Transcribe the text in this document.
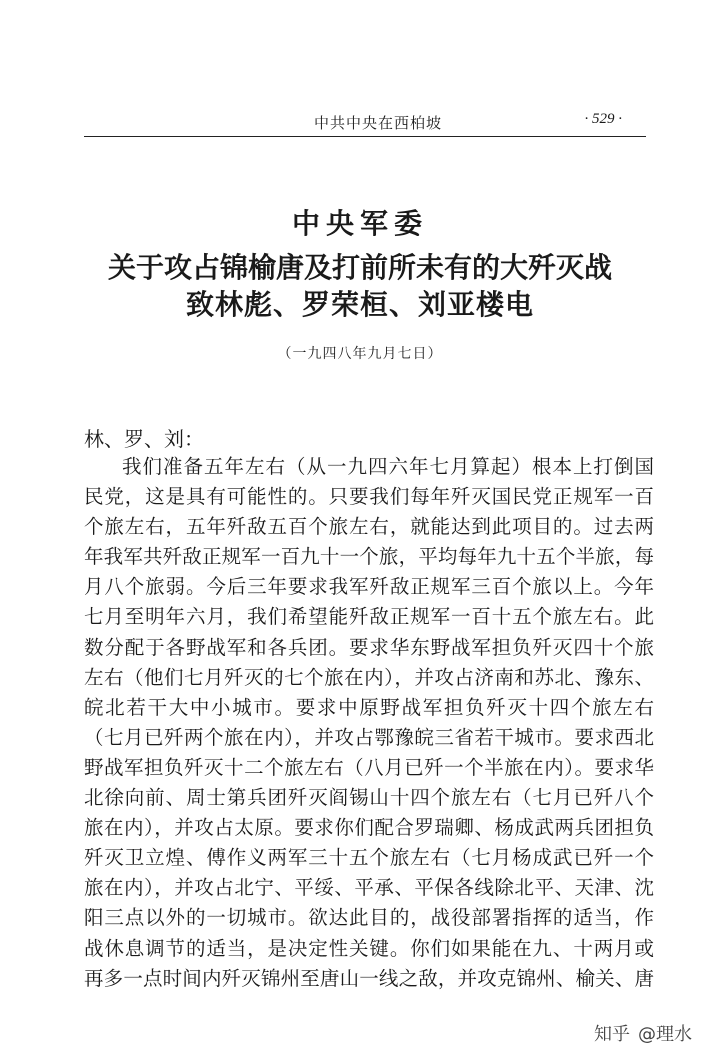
中共中央在西柏坡	· 529 ·
中央军委
关于攻占锦榆唐及打前所未有的大歼灭战
致林彪、罗荣桓、刘亚楼电
（一九四八年九月七日）
林、罗、刘：
我们准备五年左右（从一九四六年七月算起）根本上打倒国
民党，这是具有可能性的。只要我们每年歼灭国民党正规军一百
个旅左右，五年歼敌五百个旅左右，就能达到此项目的。过去两
年我军共歼敌正规军一百九十一个旅，平均每年九十五个半旅，每
月八个旅弱。今后三年要求我军歼敌正规军三百个旅以上。今年
七月至明年六月，我们希望能歼敌正规军一百十五个旅左右。此
数分配于各野战军和各兵团。要求华东野战军担负歼灭四十个旅
左右（他们七月歼灭的七个旅在内），并攻占济南和苏北、豫东、
皖北若干大中小城市。要求中原野战军担负歼灭十四个旅左右
（七月已歼两个旅在内），并攻占鄂豫皖三省若干城市。要求西北
野战军担负歼灭十二个旅左右（八月已歼一个半旅在内）。要求华
北徐向前、周士第兵团歼灭阎锡山十四个旅左右（七月已歼八个
旅在内），并攻占太原。要求你们配合罗瑞卿、杨成武两兵团担负
歼灭卫立煌、傅作义两军三十五个旅左右（七月杨成武已歼一个
旅在内），并攻占北宁、平绥、平承、平保各线除北平、天津、沈
阳三点以外的一切城市。欲达此目的，战役部署指挥的适当，作
战休息调节的适当，是决定性关键。你们如果能在九、十两月或
再多一点时间内歼灭锦州至唐山一线之敌，并攻克锦州、榆关、唐
知乎 @理水
